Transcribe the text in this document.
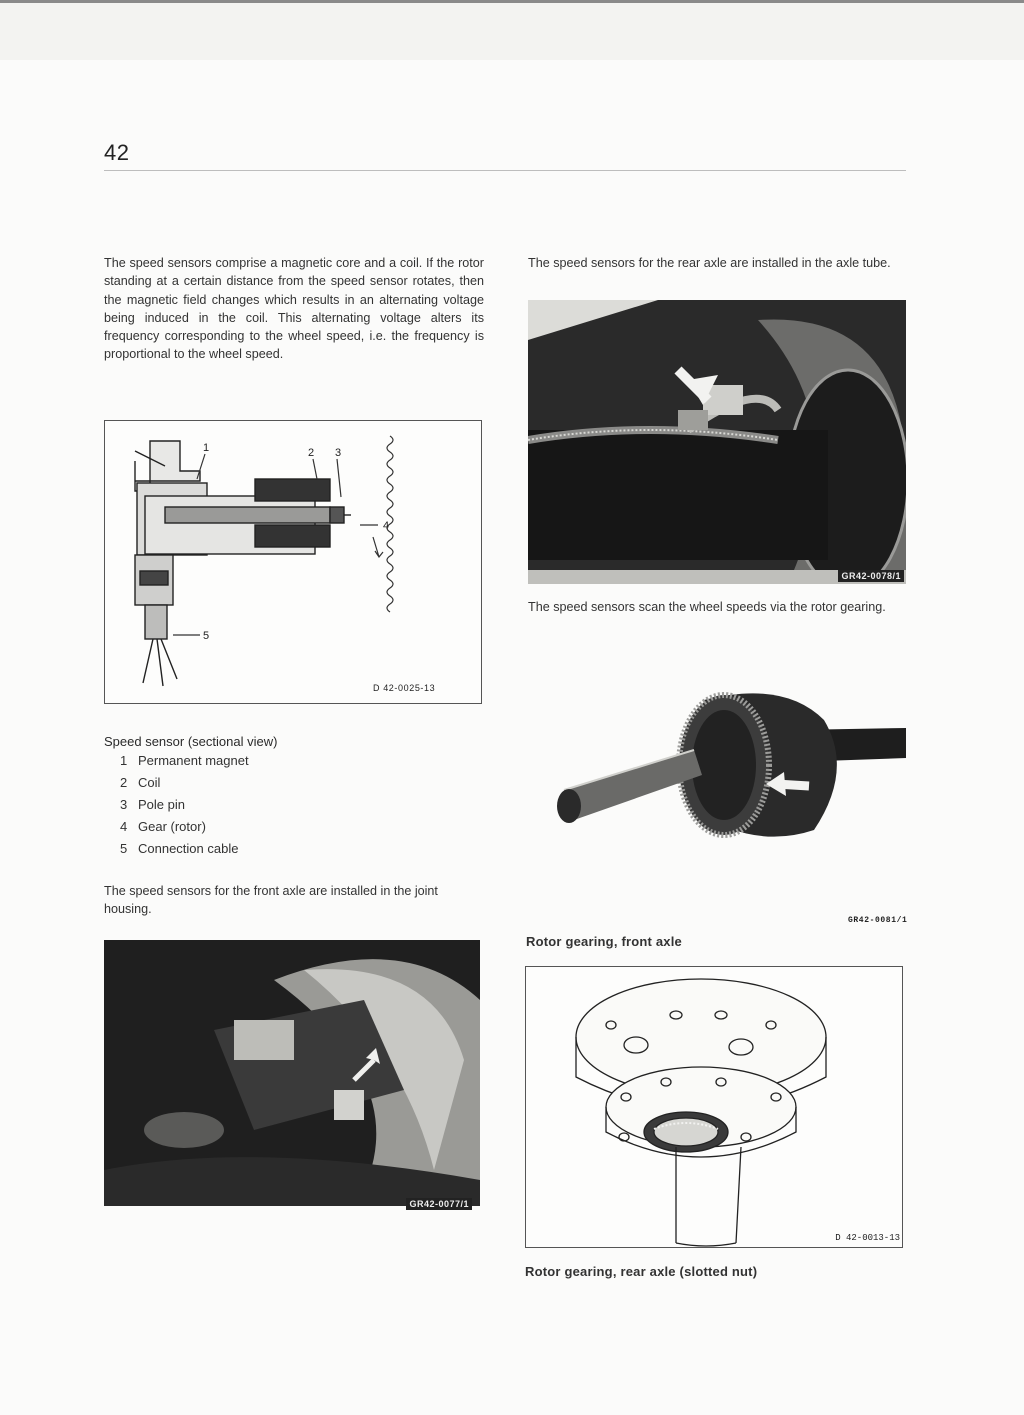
42

The speed sensors comprise a magnetic core and a coil. If the rotor standing at a certain distance from the speed sensor rotates, then the magnetic field changes which results in an alternating voltage being induced in the coil. This alternating voltage alters its frequency corresponding to the wheel speed, i.e. the frequency is proportional to the wheel speed.

1	2 3
4
5
D 42-0025-13

Speed sensor (sectional view)

1 Permanent magnet
2 Coil
3 Pole pin
4 Gear (rotor)
5 Connection cable

The speed sensors for the front axle are installed in the joint housing.

GR42-0077/1

The speed sensors for the rear axle are installed in the axle tube.

GR42-0078/1

The speed sensors scan the wheel speeds via the rotor gearing.

GR42-0081/1

Rotor gearing, front axle

D 42-0013-13

Rotor gearing, rear axle (slotted nut)
